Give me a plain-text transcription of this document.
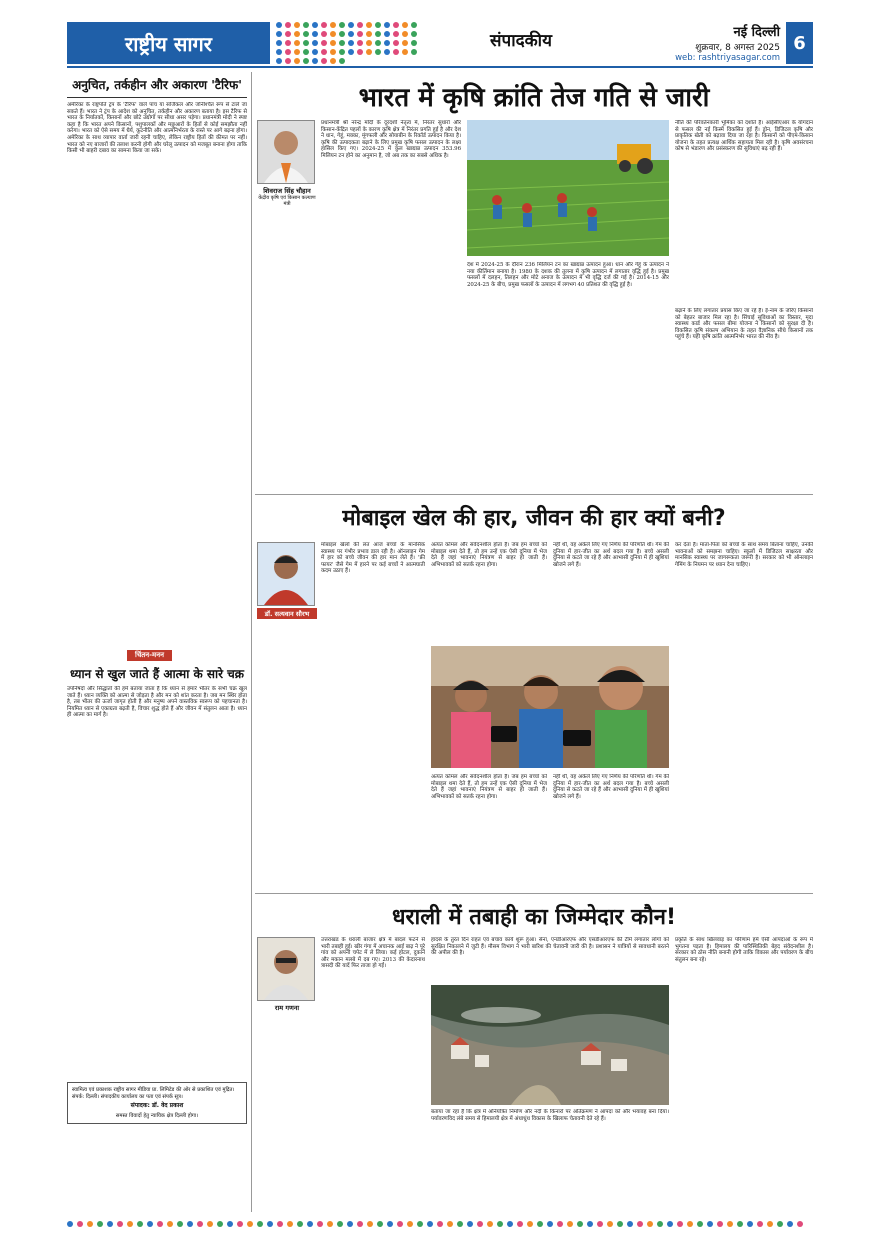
राष्ट्रीय सागर	संपादकीय	नई दिल्ली
शुक्रवार, 8 अगस्त 2025
web: rashtriyasagar.com
6
अनुचित, तर्कहीन और अकारण 'टैरिफ'
अमेरिका के राष्ट्रपति ट्रंप के 'टैरिफ' वाले पांच या सर्जिकल और जनिश्चित रूप से टाले जा सकते हैं। भारत ने ट्रंप के आदेश को अनुचित, तर्कहीन और अकारण बताया है। इस टैरिफ से भारत के निर्यातकों, किसानों और छोटे उद्योगों पर सीधा असर पड़ेगा। प्रधानमंत्री मोदी ने स्पष्ट कहा है कि भारत अपने किसानों, पशुपालकों और मछुआरों के हितों से कोई समझौता नहीं करेगा। भारत को ऐसे समय में धैर्य, कूटनीति और आत्मनिर्भरता के रास्ते पर आगे बढ़ना होगा। अमेरिका के साथ व्यापार वार्ता जारी रहनी चाहिए, लेकिन राष्ट्रीय हितों की कीमत पर नहीं। भारत को नए बाजारों की तलाश करनी होगी और घरेलू उत्पादन को मजबूत बनाना होगा ताकि किसी भी बाहरी दबाव का सामना किया जा सके।
चिंतन-मनन
ध्यान से खुल जाते हैं आत्मा के सारे चक्र
उपनिषदों और सिद्धांतों की हमें बताया जाता है कि ध्यान से हमारे भीतर के सभी चक्र खुल जाते हैं। ध्यान व्यक्ति को आत्मा से जोड़ता है और मन को शांत करता है। जब मन स्थिर होता है, तब भीतर की ऊर्जा जागृत होती है और मनुष्य अपने वास्तविक स्वरूप को पहचानता है। नियमित ध्यान से एकाग्रता बढ़ती है, विचार शुद्ध होते हैं और जीवन में संतुलन आता है। ध्यान ही आत्मा का मार्ग है।
स्वामित्व एवं प्रकाशक राष्ट्रीय सागर मीडिया प्रा. लिमिटेड की ओर से प्रकाशित एवं मुद्रित। संपर्क: दिल्ली। संपादकीय कार्यालय का पता एवं संपर्क सूत्र।
संपादक: डॉ. वेद प्रकाश
समस्त विवादों हेतु न्यायिक क्षेत्र दिल्ली होगा।
भारत में कृषि क्रांति तेज गति से जारी
शिवराज सिंह चौहान
केंद्रीय कृषि एवं किसान कल्याण मंत्री
प्रधानमंत्री श्री नरेन्द्र मोदी के दूरदर्शी नेतृत्व में, निरंतर सुधारों और किसान-केंद्रित पहलों के कारण कृषि क्षेत्र में निरंतर प्रगति हुई है और देश ने धान, गेहूं, मक्का, मूंगफली और सोयाबीन के रिकॉर्ड उत्पादन किया है। कृषि की उत्पादकता बढ़ाने के लिए प्रमुख कृषि फसल उत्पादन के लक्ष्य हासिल किए गए। 2024-25 में कुल खाद्यान्न उत्पादन 353.96 मिलियन टन होने का अनुमान है, जो अब तक का सबसे अधिक है।
देश में 2024-25 के दौरान 236 मिलियन टन का खाद्यान्न उत्पादन हुआ। धान और गेहूं के उत्पादन ने नया कीर्तिमान बनाया है। 1980 के दशक की तुलना में कृषि उत्पादन में लगातार वृद्धि हुई है। प्रमुख फसलों में दलहन, तिलहन और मोटे अनाज के उत्पादन में भी वृद्धि दर्ज की गई है। 2014-15 और 2024-25 के बीच, प्रमुख फसलों के उत्पादन में लगभग 40 प्रतिशत की वृद्धि हुई है।
नीति की परिवर्तनकारी भूमिका को दर्शाते हैं। आईसीएआर के योगदान से फसल की नई किस्में विकसित हुई हैं। ड्रोन, डिजिटल कृषि और प्राकृतिक खेती को बढ़ावा दिया जा रहा है। किसानों को पीएम-किसान योजना के तहत प्रत्यक्ष आर्थिक सहायता मिल रही है। कृषि अवसंरचना कोष से भंडारण और प्रसंस्करण की सुविधाएं बढ़ रही हैं।
बढ़ाने के लिए लगातार प्रयास किए जा रहे हैं। ई-नाम के जरिए किसानों को बेहतर बाजार मिल रहा है। सिंचाई सुविधाओं का विस्तार, मृदा स्वास्थ्य कार्ड और फसल बीमा योजना ने किसानों को सुरक्षा दी है। विकसित कृषि संकल्प अभियान के तहत वैज्ञानिक सीधे किसानों तक पहुंचे हैं। यही कृषि क्रांति आत्मनिर्भर भारत की नींव है।
मोबाइल खेल की हार, जीवन की हार क्यों बनी?
डॉ. सत्यवान सौरभ
मोबाइल खेलों की लत आज बच्चों के मानसिक स्वास्थ्य पर गंभीर प्रभाव डाल रही है। ऑनलाइन गेम में हार को बच्चे जीवन की हार मान लेते हैं। 'फ्री फायर' जैसे गेम में हारने पर कई बच्चों ने आत्मघाती कदम उठाए हैं।
अत्यंत कोमल और संवेदनशील होता है। जब हम बच्चों को मोबाइल थमा देते हैं, तो हम उन्हें एक ऐसी दुनिया में भेज देते हैं जहां भावनाएं नियंत्रण से बाहर हो जाती हैं। अभिभावकों को सतर्क रहना होगा।
नहीं थी, वह अकेले लिए गए निर्णय की परिणति थी। गेम की दुनिया में हार-जीत का अर्थ बदल गया है। बच्चे असली दुनिया से कटते जा रहे हैं और आभासी दुनिया में ही खुशियां खोजने लगे हैं।
अत्यंत कोमल और संवेदनशील होता है। जब हम बच्चों को मोबाइल थमा देते हैं, तो हम उन्हें एक ऐसी दुनिया में भेज देते हैं जहां भावनाएं नियंत्रण से बाहर हो जाती हैं। अभिभावकों को सतर्क रहना होगा।
नहीं थी, वह अकेले लिए गए निर्णय की परिणति थी। गेम की दुनिया में हार-जीत का अर्थ बदल गया है। बच्चे असली दुनिया से कटते जा रहे हैं और आभासी दुनिया में ही खुशियां खोजने लगे हैं।
कर देता है। माता-पिता को बच्चों के साथ समय बिताना चाहिए, उनकी भावनाओं को समझना चाहिए। स्कूलों में डिजिटल साक्षरता और मानसिक स्वास्थ्य पर जागरूकता जरूरी है। सरकार को भी ऑनलाइन गेमिंग के नियमन पर ध्यान देना चाहिए।
धराली में तबाही का जिम्मेदार कौन!
राम गणना
उत्तराखंड के धराली बाजार क्षेत्र में बादल फटने से भारी तबाही हुई। खीर गंगा में अचानक आई बाढ़ ने पूरे गांव को अपनी चपेट में ले लिया। कई होटल, दुकानें और मकान मलबे में दब गए। 2013 की केदारनाथ त्रासदी की यादें फिर ताजा हो गईं।
हादसे के तुरंत दिन राहत एवं बचाव कार्य शुरू हुआ। सेना, एनडीआरएफ और एसडीआरएफ की टीमें लगातार लोगों को सुरक्षित निकालने में जुटी हैं। मौसम विभाग ने भारी बारिश की चेतावनी जारी की है। प्रशासन ने यात्रियों से सावधानी बरतने की अपील की है।
बताया जा रहा है कि क्षेत्र में अनियंत्रित निर्माण और नदी के किनारों पर अतिक्रमण ने आपदा को और भयावह बना दिया। पर्यावरणविद लंबे समय से हिमालयी क्षेत्र में अंधाधुंध विकास के खिलाफ चेतावनी देते रहे हैं।
प्रकृति के साथ खिलवाड़ का परिणाम हमें ऐसी आपदाओं के रूप में भुगतना पड़ता है। हिमालय की पारिस्थितिकी बेहद संवेदनशील है। सरकार को ठोस नीति बनानी होगी ताकि विकास और पर्यावरण के बीच संतुलन बना रहे।
